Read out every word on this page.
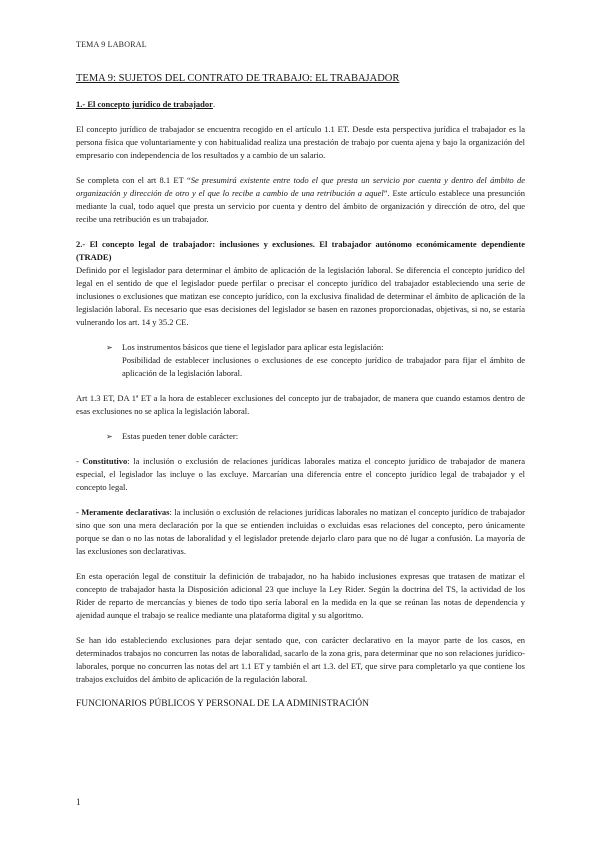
TEMA 9 LABORAL
TEMA 9: SUJETOS DEL CONTRATO DE TRABAJO: EL TRABAJADOR

1.- El concepto jurídico de trabajador.

El concepto jurídico de trabajador se encuentra recogido en el artículo 1.1 ET. Desde esta perspectiva jurídica el trabajador es la persona física que voluntariamente y con habitualidad realiza una prestación de trabajo por cuenta ajena y bajo la organización del empresario con independencia de los resultados y a cambio de un salario.

Se completa con el art 8.1 ET “Se presumirá existente entre todo el que presta un servicio por cuenta y dentro del ámbito de organización y dirección de otro y el que lo recibe a cambio de una retribución a aquel”. Este artículo establece una presunción mediante la cual, todo aquel que presta un servicio por cuenta y dentro del ámbito de organización y dirección de otro, del que recibe una retribución es un trabajador.

2.- El concepto legal de trabajador: inclusiones y exclusiones. El trabajador autónomo económicamente dependiente (TRADE)

Definido por el legislador para determinar el ámbito de aplicación de la legislación laboral. Se diferencia el concepto jurídico del legal en el sentido de que el legislador puede perfilar o precisar el concepto jurídico del trabajador estableciendo una serie de inclusiones o exclusiones que matizan ese concepto jurídico, con la exclusiva finalidad de determinar el ámbito de aplicación de la legislación laboral. Es necesario que esas decisiones del legislador se basen en razones proporcionadas, objetivas, si no, se estaría vulnerando los art. 14 y 35.2 CE.

➢	Los instrumentos básicos que tiene el legislador para aplicar esta legislación:
Posibilidad de establecer inclusiones o exclusiones de ese concepto jurídico de trabajador para fijar el ámbito de aplicación de la legislación laboral.

Art 1.3 ET, DA 1ª ET a la hora de establecer exclusiones del concepto jur de trabajador, de manera que cuando estamos dentro de esas exclusiones no se aplica la legislación laboral.

➢	Estas pueden tener doble carácter:

- Constitutivo: la inclusión o exclusión de relaciones jurídicas laborales matiza el concepto jurídico de trabajador de manera especial, el legislador las incluye o las excluye. Marcarían una diferencia entre el concepto jurídico legal de trabajador y el concepto legal.

- Meramente declarativas: la inclusión o exclusión de relaciones jurídicas laborales no matizan el concepto jurídico de trabajador sino que son una mera declaración por la que se entienden incluidas o excluidas esas relaciones del concepto, pero únicamente porque se dan o no las notas de laboralidad y el legislador pretende dejarlo claro para que no dé lugar a confusión. La mayoría de las exclusiones son declarativas.

En esta operación legal de constituir la definición de trabajador, no ha habido inclusiones expresas que tratasen de matizar el concepto de trabajador hasta la Disposición adicional 23 que incluye la Ley Rider. Según la doctrina del TS, la actividad de los Rider de reparto de mercancías y bienes de todo tipo sería laboral en la medida en la que se reúnan las notas de dependencia y ajenidad aunque el trabajo se realice mediante una plataforma digital y su algoritmo.

Se han ido estableciendo exclusiones para dejar sentado que, con carácter declarativo en la mayor parte de los casos, en determinados trabajos no concurren las notas de laboralidad, sacarlo de la zona gris, para determinar que no son relaciones jurídico-laborales, porque no concurren las notas del art 1.1 ET y también el art 1.3. del ET, que sirve para completarlo ya que contiene los trabajos excluidos del ámbito de aplicación de la regulación laboral.

FUNCIONARIOS PÚBLICOS Y PERSONAL DE LA ADMINISTRACIÓN
1
